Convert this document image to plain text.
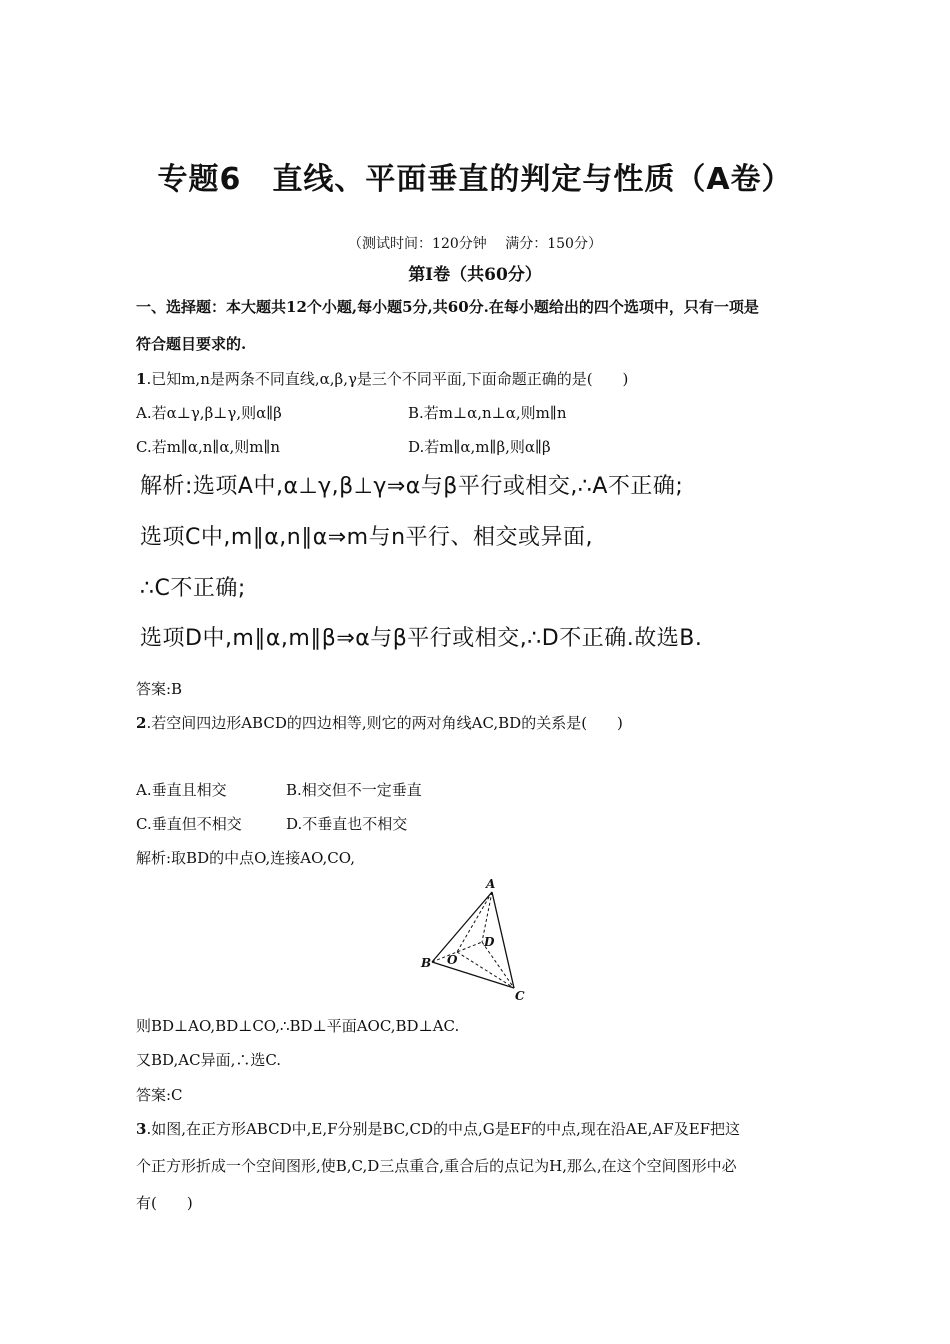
专题6　直线、平面垂直的判定与性质（A卷）
（测试时间：120分钟　 满分：150分）
第Ⅰ卷（共60分）
一、选择题：本大题共12个小题,每小题5分,共60分.在每小题给出的四个选项中，只有一项是
符合题目要求的.
1.已知m,n是两条不同直线,α,β,γ是三个不同平面,下面命题正确的是(　　)
A.若α⊥γ,β⊥γ,则α∥β	B.若m⊥α,n⊥α,则m∥n
C.若m∥α,n∥α,则m∥n	D.若m∥α,m∥β,则α∥β
解析:选项A中,α⊥γ,β⊥γ⇒α与β平行或相交,∴A不正确;
选项C中,m∥α,n∥α⇒m与n平行、相交或异面,
∴C不正确;
选项D中,m∥α,m∥β⇒α与β平行或相交,∴D不正确.故选B.
答案:B
2.若空间四边形ABCD的四边相等,则它的两对角线AC,BD的关系是(　　)
A.垂直且相交	B.相交但不一定垂直
C.垂直但不相交	D.不垂直也不相交
解析:取BD的中点O,连接AO,CO,
A
B
C
D
O
则BD⊥AO,BD⊥CO,∴BD⊥平面AOC,BD⊥AC.
又BD,AC异面,∴选C.
答案:C
3.如图,在正方形ABCD中,E,F分别是BC,CD的中点,G是EF的中点,现在沿AE,AF及EF把这
个正方形折成一个空间图形,使B,C,D三点重合,重合后的点记为H,那么,在这个空间图形中必
有(　　)
